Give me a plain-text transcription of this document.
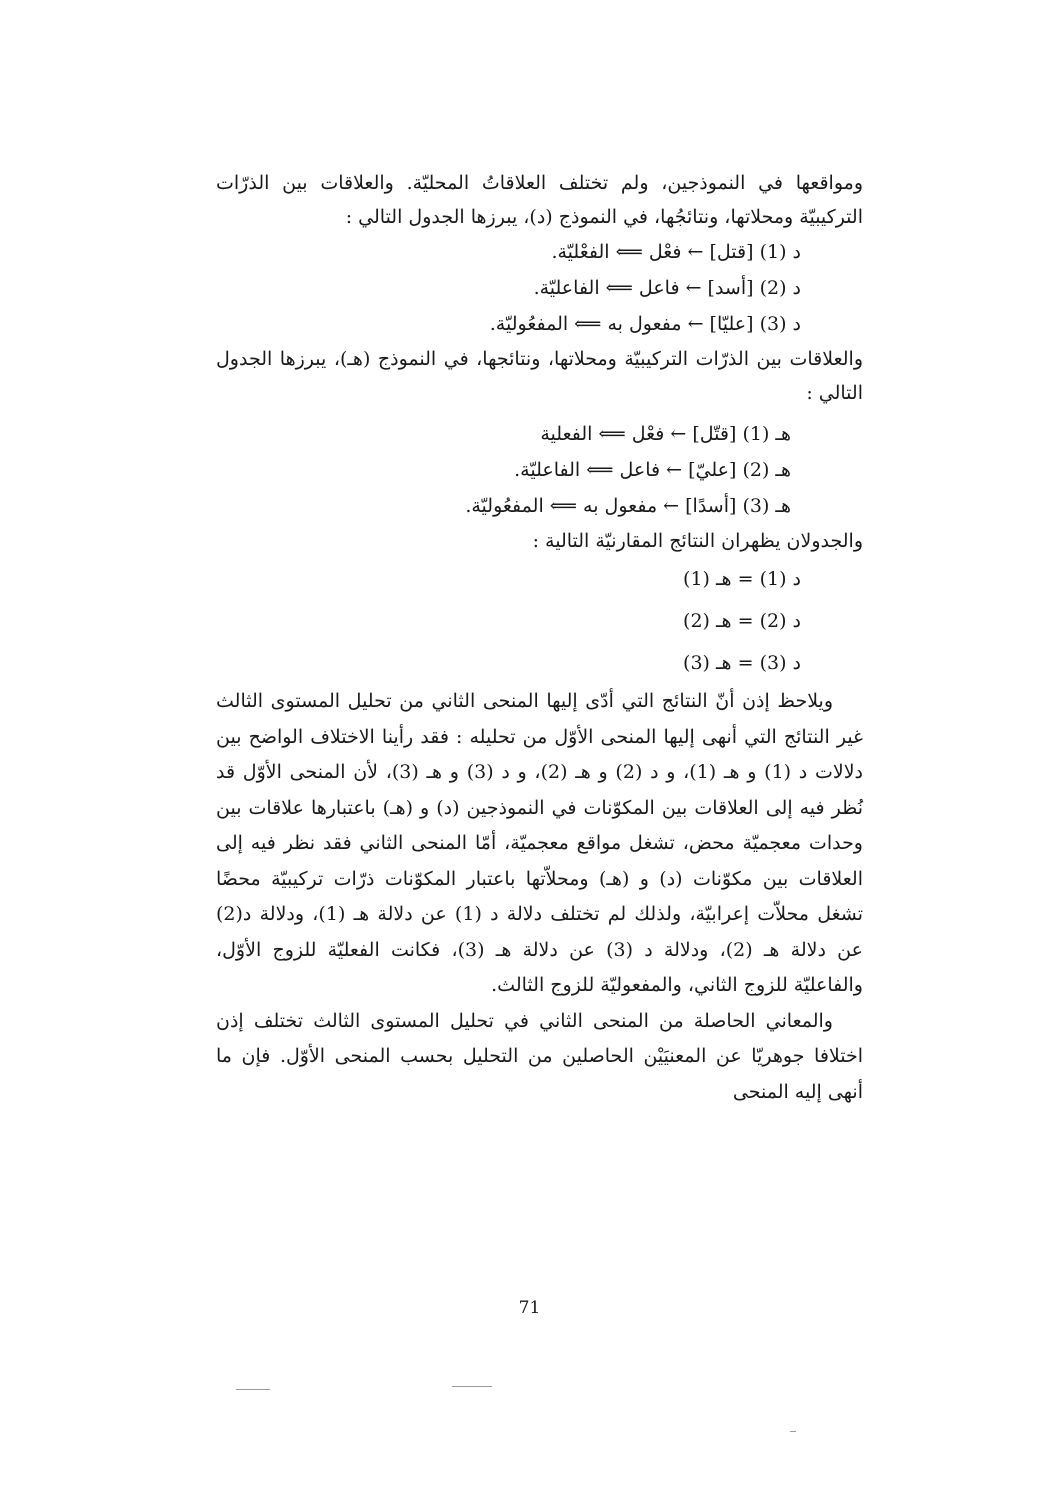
ومواقعها في النموذجين، ولم تختلف العلاقاتُ المحليّة. والعلاقات بين الذرّات التركيبيّة ومحلاتها، ونتائجُها، في النموذج (د)، يبرزها الجدول التالي :

د (1) [قتل] ← فعْل ⟸ الفعْليّة.
د (2) [أسد] ← فاعل ⟸ الفاعليّة.
د (3) [عليّا] ← مفعول به ⟸ المفعُوليّة.

والعلاقات بين الذرّات التركيبيّة ومحلاتها، ونتائجها، في النموذج (هـ)، يبرزها الجدول التالي :

هـ (1) [قتّل] ← فعْل ⟸ الفعلية
هـ (2) [عليّ] ← فاعل ⟸ الفاعليّة.
هـ (3) [أسدًا] ← مفعول به ⟸ المفعُوليّة.

والجدولان يظهران النتائج المقارنيّة التالية :

د (1) = هـ (1)
د (2) = هـ (2)
د (3) = هـ (3)

ويلاحظ إذن أنّ النتائج التي أدّى إليها المنحى الثاني من تحليل المستوى الثالث غير النتائج التي أنهى إليها المنحى الأوّل من تحليله : فقد رأينا الاختلاف الواضح بين دلالات د (1) و هـ (1)، و د (2) و هـ (2)، و د (3) و هـ (3)، لأن المنحى الأوّل قد نُظر فيه إلى العلاقات بين المكوّنات في النموذجين (د) و (هـ) باعتبارها علاقات بين وحدات معجميّة محض، تشغل مواقع معجميّة، أمّا المنحى الثاني فقد نظر فيه إلى العلاقات بين مكوّنات (د) و (هـ) ومحلاّتها باعتبار المكوّنات ذرّات تركيبيّة محضًا تشغل محلاّت إعرابيّة، ولذلك لم تختلف دلالة د (1) عن دلالة هـ (1)، ودلالة د(2) عن دلالة هـ (2)، ودلالة د (3) عن دلالة هـ (3)، فكانت الفعليّة للزوج الأوّل، والفاعليّة للزوج الثاني، والمفعوليّة للزوج الثالث.

والمعاني الحاصلة من المنحى الثاني في تحليل المستوى الثالث تختلف إذن اختلافا جوهريّا عن المعنيَيْن الحاصلين من التحليل بحسب المنحى الأوّل. فإن ما أنهى إليه المنحى

71
